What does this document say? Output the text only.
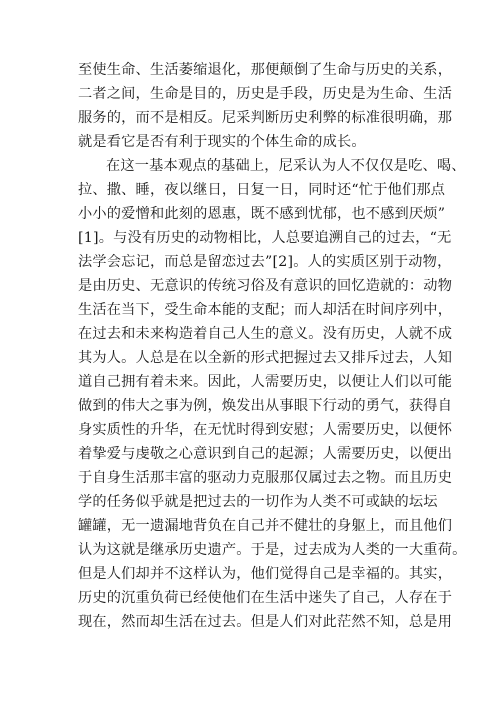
至使生命、生活萎缩退化，那便颠倒了生命与历史的关系，
二者之间，生命是目的，历史是手段，历史是为生命、生活
服务的，而不是相反。尼采判断历史利弊的标准很明确，那
就是看它是否有利于现实的个体生命的成长。
在这一基本观点的基础上，尼采认为人不仅仅是吃、喝、
拉、撒、睡，夜以继日，日复一日，同时还“忙于他们那点
小小的爱憎和此刻的恩惠，既不感到忧郁，也不感到厌烦”
[1]。与没有历史的动物相比，人总要追溯自己的过去，“无
法学会忘记，而总是留恋过去”[2]。人的实质区别于动物，
是由历史、无意识的传统习俗及有意识的回忆造就的：动物
生活在当下，受生命本能的支配；而人却活在时间序列中，
在过去和未来构造着自己人生的意义。没有历史，人就不成
其为人。人总是在以全新的形式把握过去又排斥过去，人知
道自己拥有着未来。因此，人需要历史，以便让人们以可能
做到的伟大之事为例，焕发出从事眼下行动的勇气，获得自
身实质性的升华，在无忧时得到安慰；人需要历史，以便怀
着挚爱与虔敬之心意识到自己的起源；人需要历史，以便出
于自身生活那丰富的驱动力克服那仅属过去之物。而且历史
学的任务似乎就是把过去的一切作为人类不可或缺的坛坛
罐罐，无一遗漏地背负在自己并不健壮的身躯上，而且他们
认为这就是继承历史遗产。于是，过去成为人类的一大重荷。
但是人们却并不这样认为，他们觉得自己是幸福的。其实，
历史的沉重负荷已经使他们在生活中迷失了自己，人存在于
现在，然而却生活在过去。但是人们对此茫然不知，总是用
